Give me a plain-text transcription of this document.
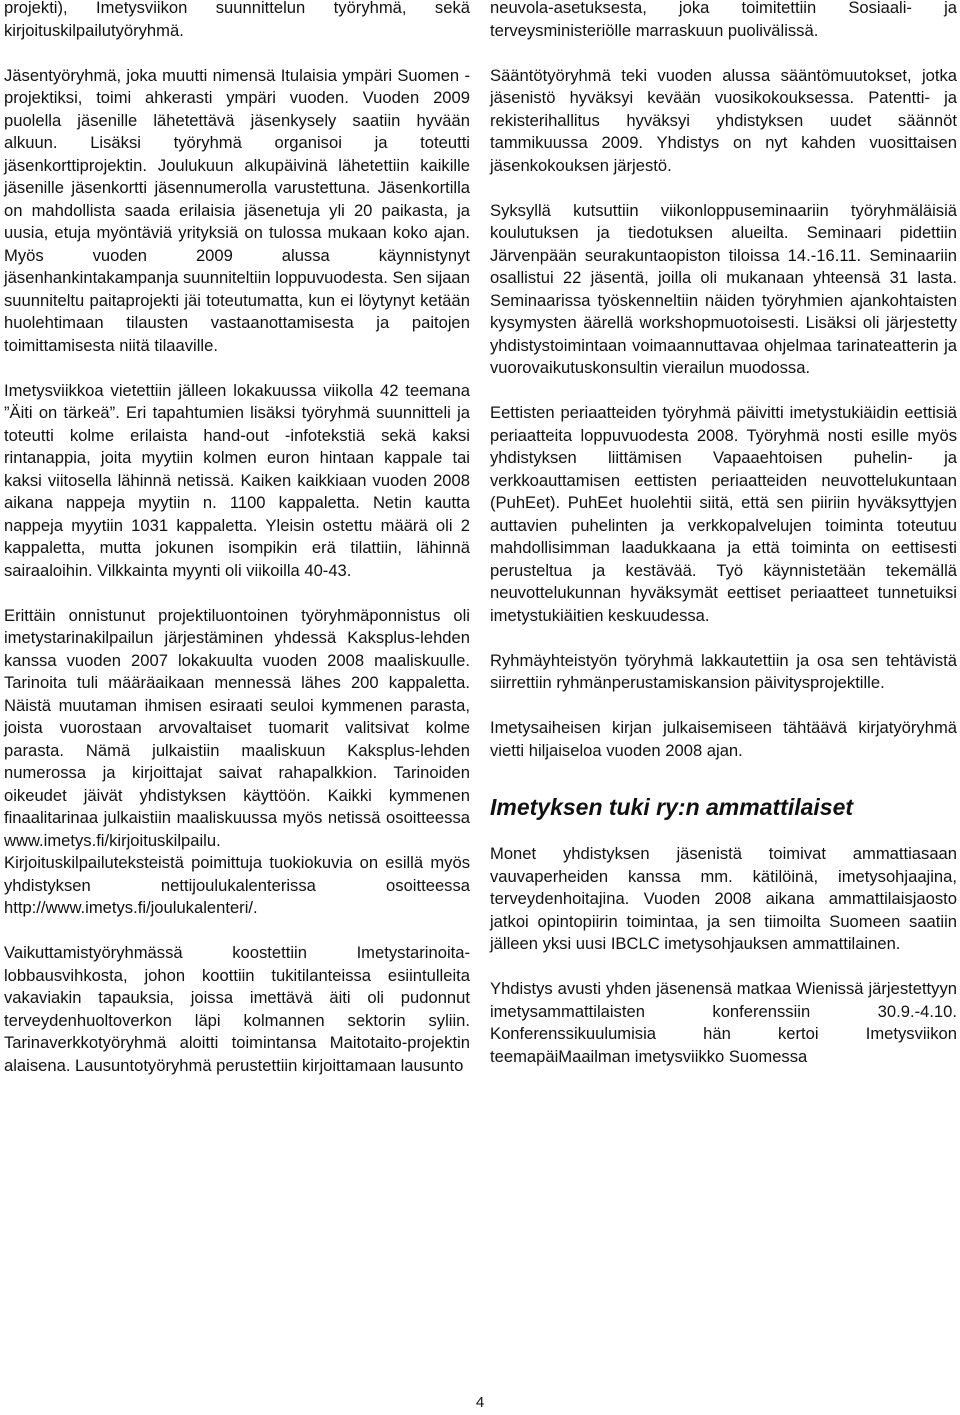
projekti), Imetysviikon suunnittelun työryhmä, sekä kirjoituskilpailutyöryhmä.

Jäsentyöryhmä, joka muutti nimensä Itulaisia ympäri Suomen -projektiksi, toimi ahkerasti ympäri vuoden. Vuoden 2009 puolella jäsenille lähetettävä jäsenkysely saatiin hyvään alkuun. Lisäksi työryhmä organisoi ja toteutti jäsenkorttiprojektin. Joulukuun alkupäivinä lähetettiin kaikille jäsenille jäsenkortti jäsennumerolla varustettuna. Jäsenkortilla on mahdollista saada erilaisia jäsenetuja yli 20 paikasta, ja uusia, etuja myöntäviä yrityksiä on tulossa mukaan koko ajan. Myös vuoden 2009 alussa käynnistynyt jäsenhankintakampanja suunniteltiin loppuvuodesta. Sen sijaan suunniteltu paitaprojekti jäi toteutumatta, kun ei löytynyt ketään huolehtimaan tilausten vastaanottamisesta ja paitojen toimittamisesta niitä tilaaville.

Imetysviikkoa vietettiin jälleen lokakuussa viikolla 42 teemana ”Äiti on tärkeä”. Eri tapahtumien lisäksi työryhmä suunnitteli ja toteutti kolme erilaista hand-out -infotekstiä sekä kaksi rintanappia, joita myytiin kolmen euron hintaan kappale tai kaksi viitosella lähinnä netissä. Kaiken kaikkiaan vuoden 2008 aikana nappeja myytiin n. 1100 kappaletta. Netin kautta nappeja myytiin 1031 kappaletta. Yleisin ostettu määrä oli 2 kappaletta, mutta jokunen isompikin erä tilattiin, lähinnä sairaaloihin. Vilkkainta myynti oli viikoilla 40-43.

Erittäin onnistunut projektiluontoinen työryhmäponnistus oli imetystarinakilpailun järjestäminen yhdessä Kaksplus-lehden kanssa vuoden 2007 lokakuulta vuoden 2008 maaliskuulle. Tarinoita tuli määräaikaan mennessä lähes 200 kappaletta. Näistä muutaman ihmisen esiraati seuloi kymmenen parasta, joista vuorostaan arvovaltaiset tuomarit valitsivat kolme parasta. Nämä julkaistiin maaliskuun Kaksplus-lehden numerossa ja kirjoittajat saivat rahapalkkion. Tarinoiden oikeudet jäivät yhdistyksen käyttöön. Kaikki kymmenen finaalitarinaa julkaistiin maaliskuussa myös netissä osoitteessa www.imetys.fi/kirjoituskilpailu.

Kirjoituskilpailuteksteistä poimittuja tuokiokuvia on esillä myös yhdistyksen nettijoulukalenterissa osoitteessa http://www.imetys.fi/joulukalenteri/.

Vaikuttamistyöryhmässä koostettiin Imetystarinoita-lobbausvihkosta, johon koottiin tukitilanteissa esiintulleita vakaviakin tapauksia, joissa imettävä äiti oli pudonnut terveydenhuoltoverkon läpi kolmannen sektorin syliin. Tarinaverkkotyöryhmä aloitti toimintansa Maitotaito-projektin alaisena. Lausuntotyöryhmä perustettiin kirjoittamaan lausunto

neuvola-asetuksesta, joka toimitettiin Sosiaali- ja terveysministeriölle marraskuun puolivälissä.

Sääntötyöryhmä teki vuoden alussa sääntömuutokset, jotka jäsenistö hyväksyi kevään vuosikokouksessa. Patentti- ja rekisterihallitus hyväksyi yhdistyksen uudet säännöt tammikuussa 2009. Yhdistys on nyt kahden vuosittaisen jäsenkokouksen järjestö.

Syksyllä kutsuttiin viikonloppuseminaariin työryhmäläisiä koulutuksen ja tiedotuksen alueilta. Seminaari pidettiin Järvenpään seurakuntaopiston tiloissa 14.-16.11. Seminaariin osallistui 22 jäsentä, joilla oli mukanaan yhteensä 31 lasta. Seminaarissa työskenneltiin näiden työryhmien ajankohtaisten kysymysten äärellä workshopmuotoisesti. Lisäksi oli järjestetty yhdistystoimintaan voimaannuttavaa ohjelmaa tarinateatterin ja vuorovaikutuskonsultin vierailun muodossa.

Eettisten periaatteiden työryhmä päivitti imetystukiäidin eettisiä periaatteita loppuvuodesta 2008. Työryhmä nosti esille myös yhdistyksen liittämisen Vapaaehtoisen puhelin- ja verkkoauttamisen eettisten periaatteiden neuvottelukuntaan (PuhEet). PuhEet huolehtii siitä, että sen piiriin hyväksyttyjen auttavien puhelinten ja verkkopalvelujen toiminta toteutuu mahdollisimman laadukkaana ja että toiminta on eettisesti perusteltua ja kestävää. Työ käynnistetään tekemällä neuvottelukunnan hyväksymät eettiset periaatteet tunnetuiksi imetystukiäitien keskuudessa.

Ryhmäyhteistyön työryhmä lakkautettiin ja osa sen tehtävistä siirrettiin ryhmänperustamiskansion päivitysprojektille.

Imetysaiheisen kirjan julkaisemiseen tähtäävä kirjatyöryhmä vietti hiljaiseloa vuoden 2008 ajan.

Imetyksen tuki ry:n ammattilaiset

Monet yhdistyksen jäsenistä toimivat ammattiasaan vauvaperheiden kanssa mm. kätilöinä, imetysohjaajina, terveydenhoitajina. Vuoden 2008 aikana ammattilaisjaosto jatkoi opintopiirin toimintaa, ja sen tiimoilta Suomeen saatiin jälleen yksi uusi IBCLC imetysohjauksen ammattilainen.

Yhdistys avusti yhden jäsenensä matkaa Wienissä järjestettyyn imetysammattilaisten konferenssiin 30.9.-4.10. Konferenssikuulumisia hän kertoi Imetysviikon teemapäiMaailman imetysviikko Suomessa

4
